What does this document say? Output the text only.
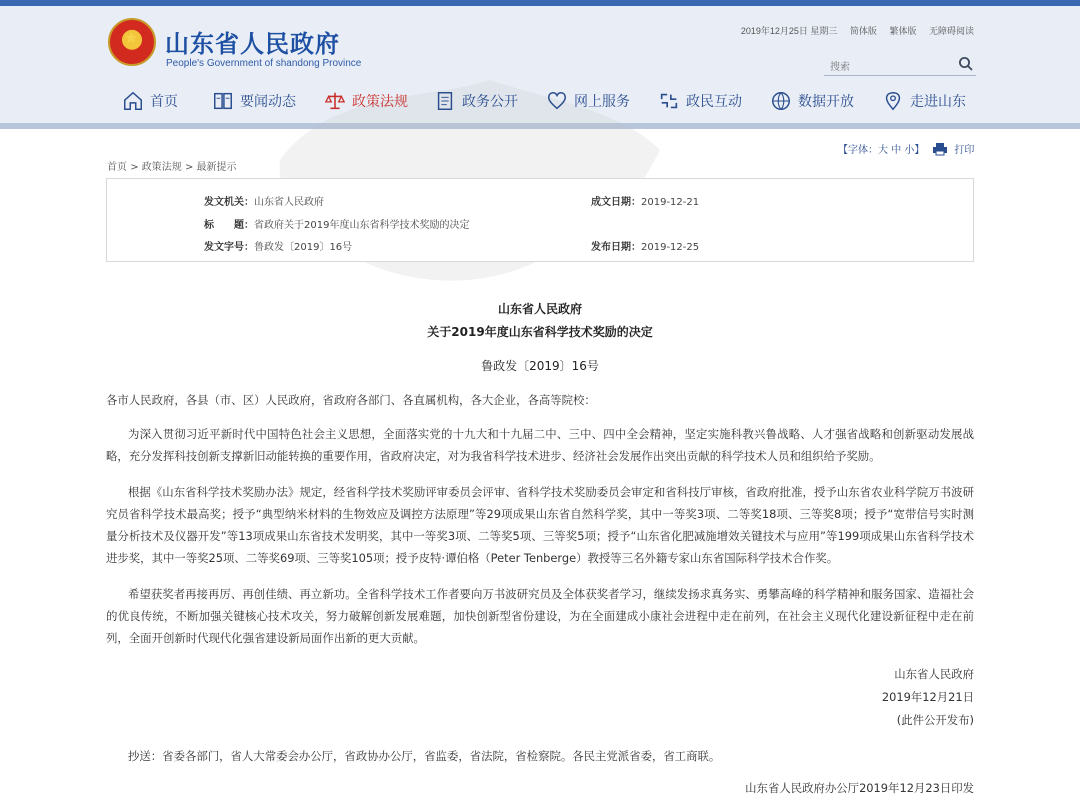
★
山东省人民政府
People's Government of shandong Province
2019年12月25日 星期三 简体版 繁体版 无障碍阅读
搜索
首页	要闻动态	政策法规	政务公开	网上服务	政民互动	数据开放	走进山东
首页 > 政策法规 > 最新提示
【字体： 大
中
小 】	打印
发文机关：山东省人民政府	成文日期：2019-12-21
标　　题：省政府关于2019年度山东省科学技术奖励的决定
发文字号：鲁政发〔2019〕16号	发布日期：2019-12-25
山东省人民政府
关于2019年度山东省科学技术奖励的决定
鲁政发〔2019〕16号
各市人民政府，各县（市、区）人民政府，省政府各部门、各直属机构，各大企业，各高等院校：
为深入贯彻习近平新时代中国特色社会主义思想，全面落实党的十九大和十九届二中、三中、四中全会精神，坚定实施科教兴鲁战略、人才强省战略和创新驱动发展战略，充分发挥科技创新支撑新旧动能转换的重要作用，省政府决定，对为我省科学技术进步、经济社会发展作出突出贡献的科学技术人员和组织给予奖励。
根据《山东省科学技术奖励办法》规定，经省科学技术奖励评审委员会评审、省科学技术奖励委员会审定和省科技厅审核，省政府批准，授予山东省农业科学院万书波研究员省科学技术最高奖；授予“典型纳米材料的生物效应及调控方法原理”等29项成果山东省自然科学奖，其中一等奖3项、二等奖18项、三等奖8项；授予“宽带信号实时测量分析技术及仪器开发”等13项成果山东省技术发明奖，其中一等奖3项、二等奖5项、三等奖5项；授予“山东省化肥减施增效关键技术与应用”等199项成果山东省科学技术进步奖，其中一等奖25项、二等奖69项、三等奖105项；授予皮特·谭伯格（Peter Tenberge）教授等三名外籍专家山东省国际科学技术合作奖。
希望获奖者再接再厉、再创佳绩、再立新功。全省科学技术工作者要向万书波研究员及全体获奖者学习，继续发扬求真务实、勇攀高峰的科学精神和服务国家、造福社会的优良传统，不断加强关键核心技术攻关，努力破解创新发展难题，加快创新型省份建设，为在全面建成小康社会进程中走在前列，在社会主义现代化建设新征程中走在前列，全面开创新时代现代化强省建设新局面作出新的更大贡献。
山东省人民政府
2019年12月21日
(此件公开发布)
抄送：省委各部门，省人大常委会办公厅，省政协办公厅，省监委，省法院，省检察院。各民主党派省委，省工商联。
山东省人民政府办公厅2019年12月23日印发
